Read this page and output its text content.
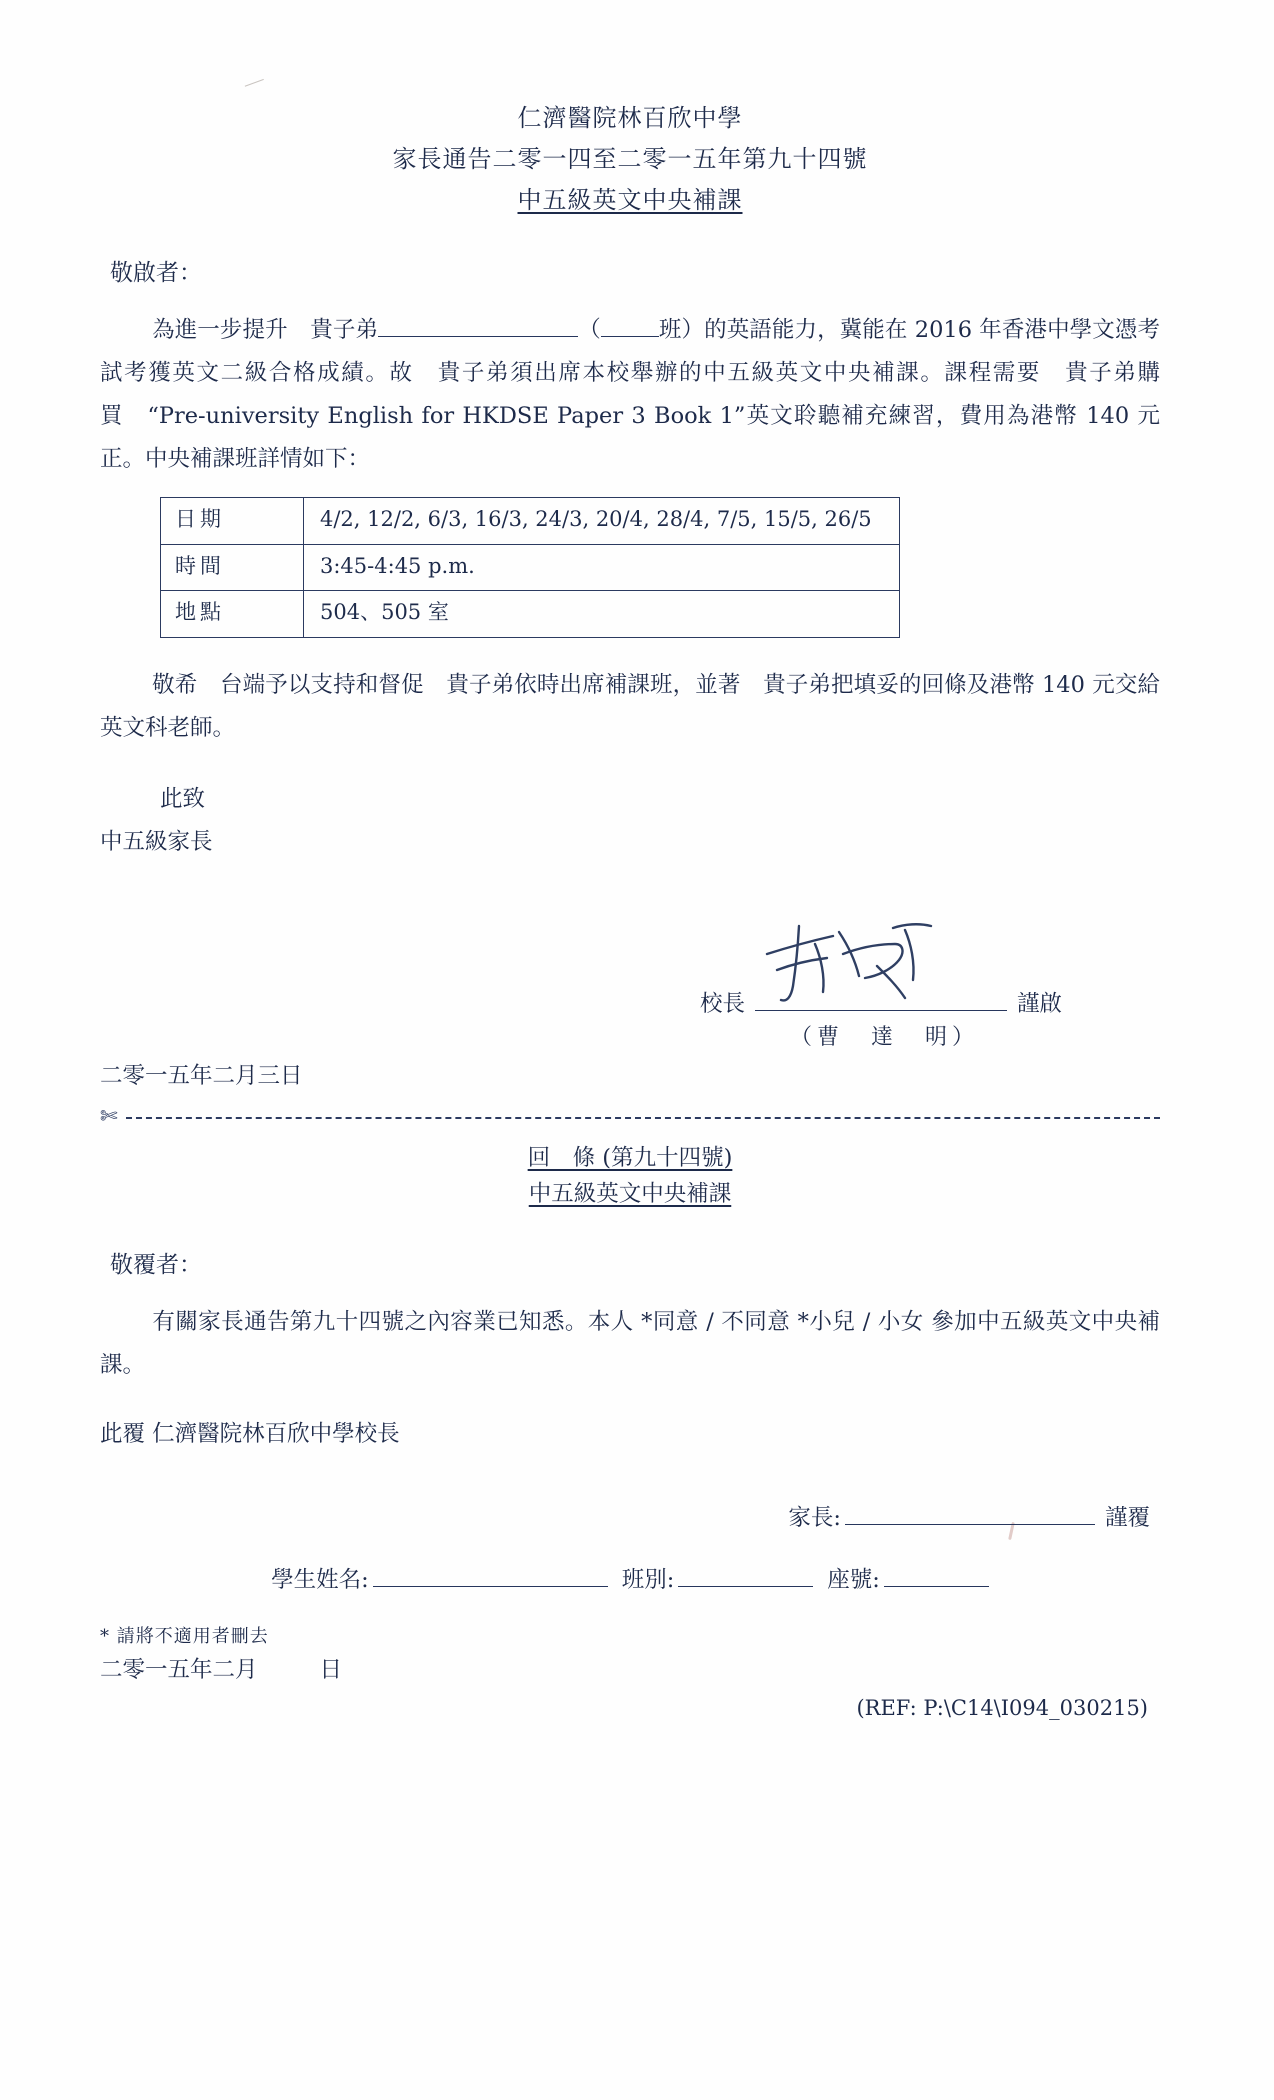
仁濟醫院林百欣中學
家長通告二零一四至二零一五年第九十四號
中五級英文中央補課
敬啟者：
為進一步提升　貴子弟	（	班）的英語能力，冀能在 2016 年香港中學文憑考試考獲英文二級合格成績。故　貴子弟須出席本校舉辦的中五級英文中央補課。課程需要　貴子弟購買　“Pre-university English for HKDSE Paper 3 Book 1”英文聆聽補充練習，費用為港幣 140 元正。中央補課班詳情如下：
日期	4/2, 12/2, 6/3, 16/3, 24/3, 20/4, 28/4, 7/5, 15/5, 26/5
時間	3:45-4:45 p.m.
地點	504、505 室
敬希　台端予以支持和督促　貴子弟依時出席補課班，並著　貴子弟把填妥的回條及港幣 140 元交給英文科老師。
此致
中五級家長
校長	謹啟
（曹　達　明）
二零一五年二月三日
✄
回　條 (第九十四號)
中五級英文中央補課
敬覆者：
有關家長通告第九十四號之內容業已知悉。本人 *同意 / 不同意 *小兒 / 小女 參加中五級英文中央補課。
此覆 仁濟醫院林百欣中學校長
家長:	謹覆
學生姓名:	班別:	座號:
* 請將不適用者刪去
二零一五年二月	日
(REF: P:\C14\I094_030215)
